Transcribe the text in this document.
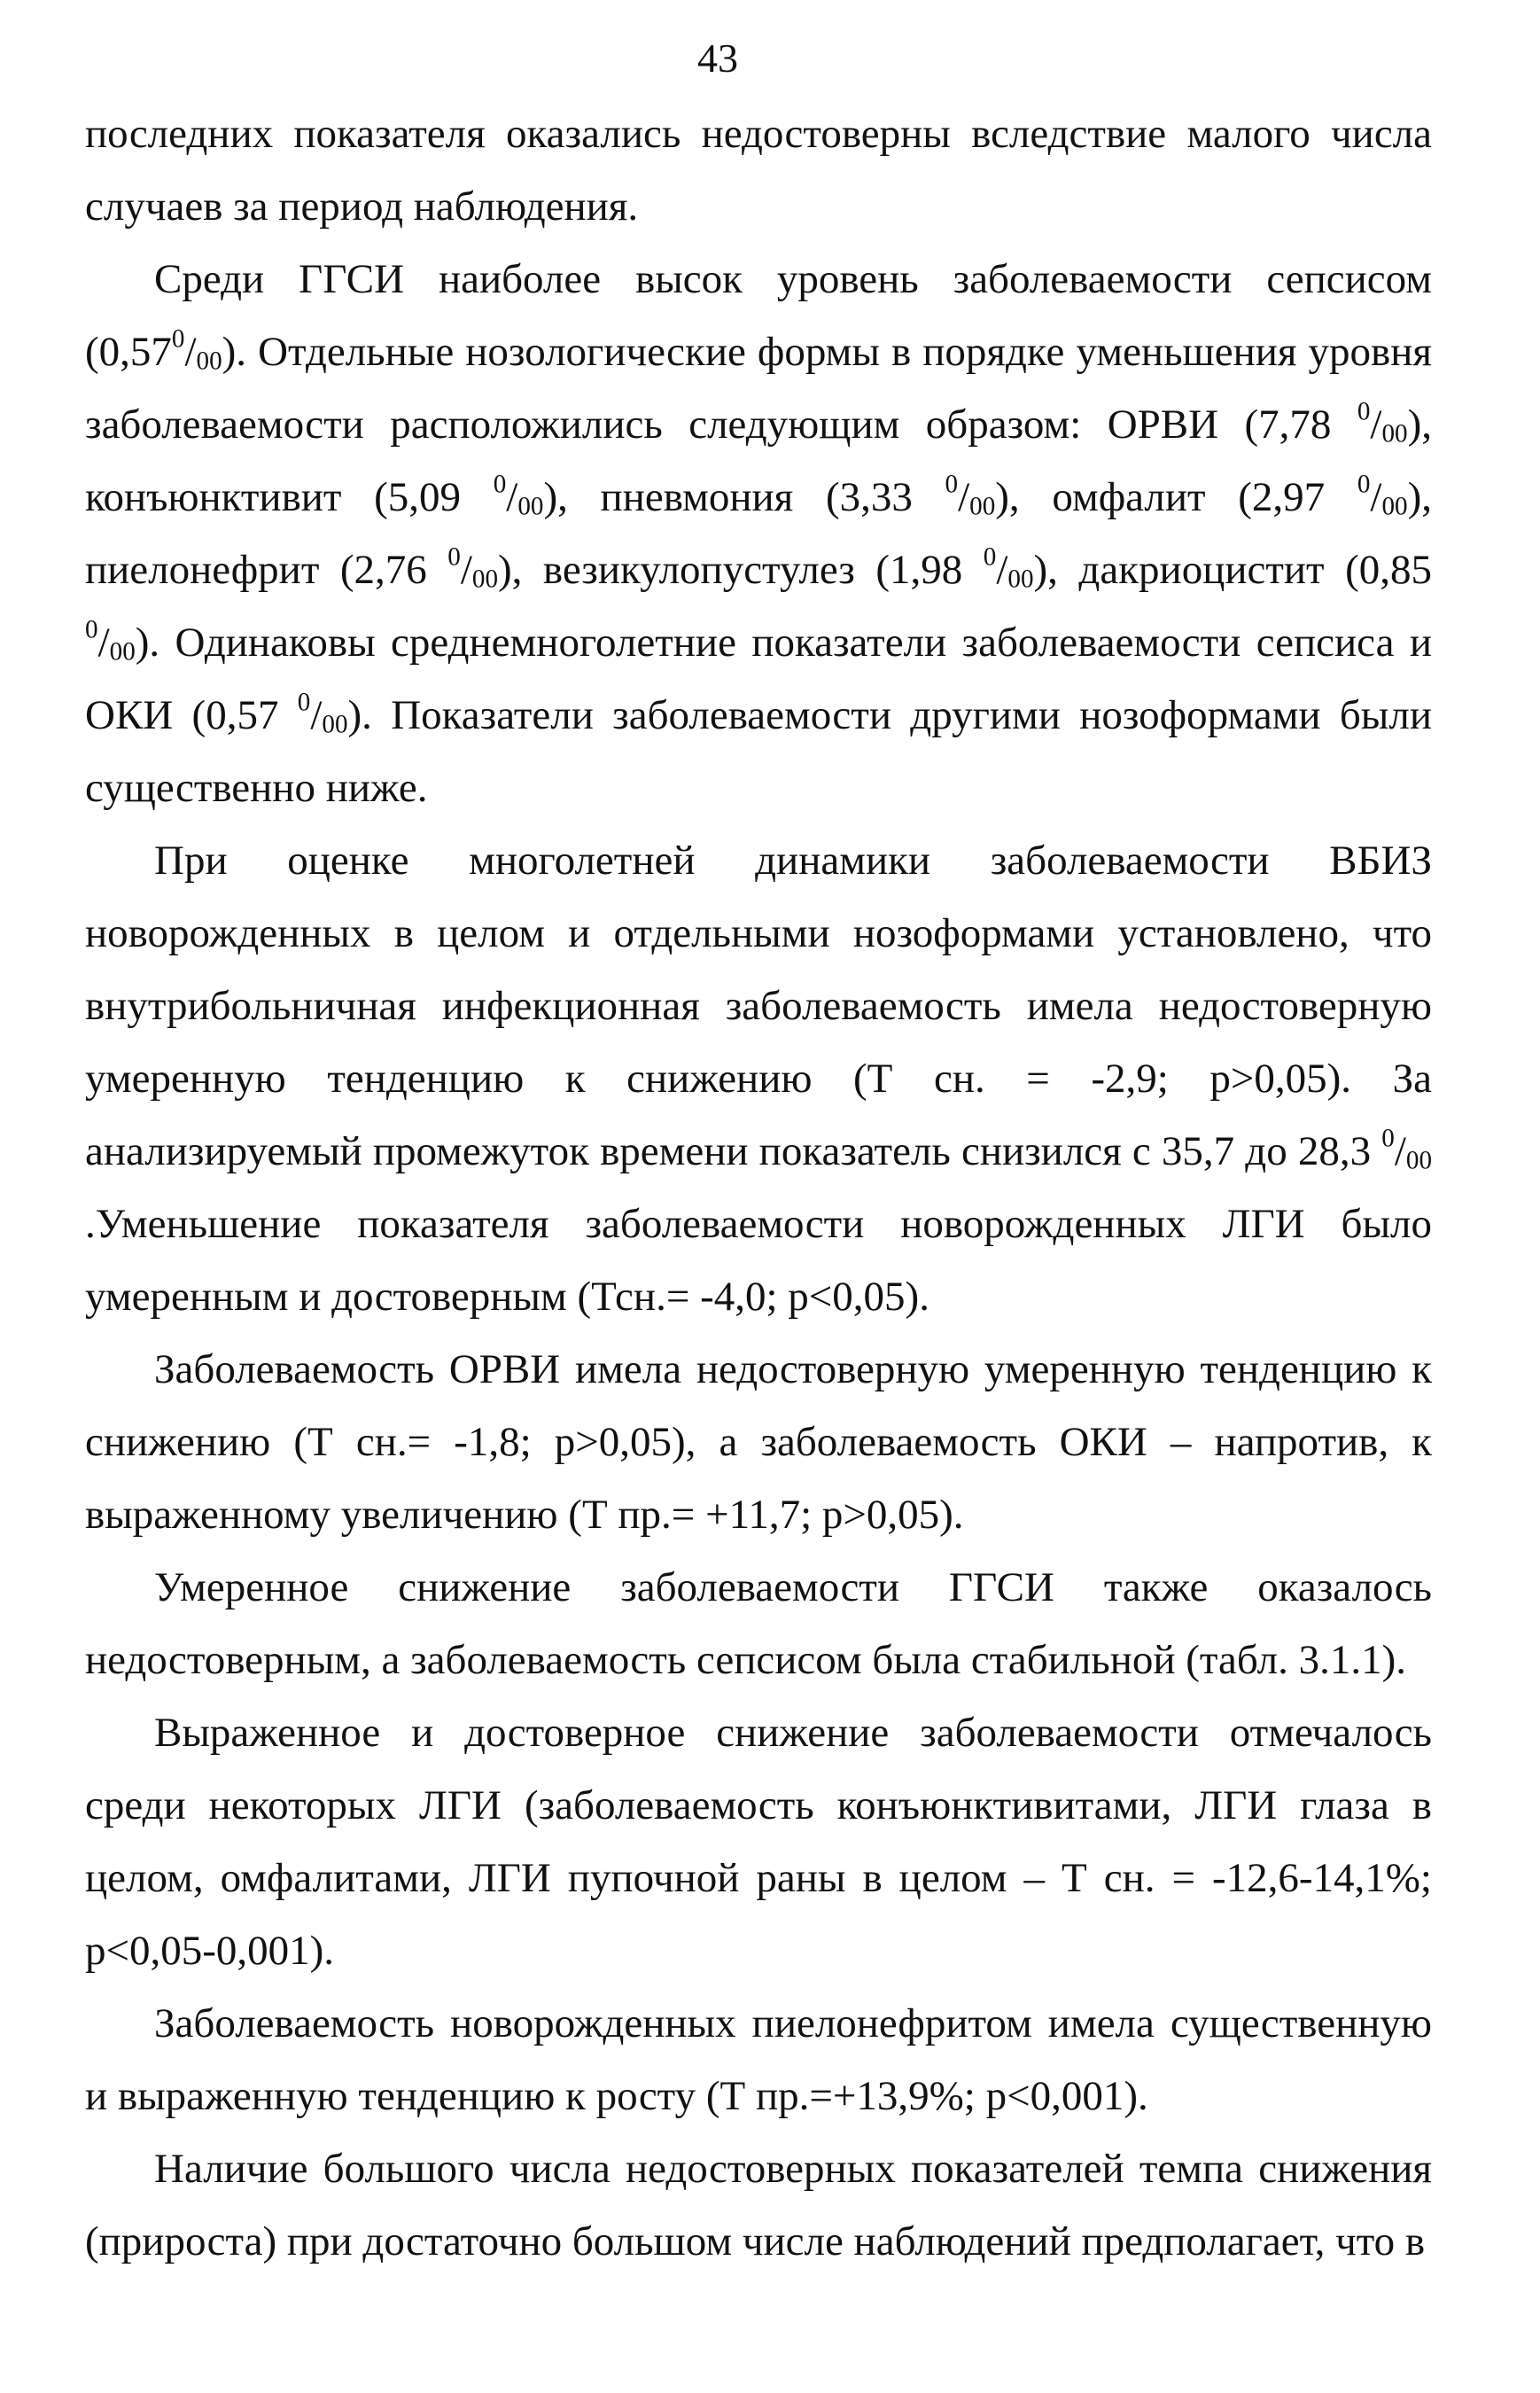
43

последних показателя оказались недостоверны вследствие малого числа случаев за период наблюдения.

Среди ГГСИ наиболее высок уровень заболеваемости сепсисом $(0,57^0/_{00})$. Отдельные нозологические формы в порядке уменьшения уровня заболеваемости расположились следующим образом: ОРВИ (7,78 $^0/_{00}$), конъюнктивит (5,09 $^0/_{00}$), пневмония (3,33 $^0/_{00}$), омфалит (2,97 $^0/_{00}$), пиелонефрит (2,76 $^0/_{00}$), везикулопустулез (1,98 $^0/_{00}$), дакриоцистит (0,85 $^0/_{00}$). Одинаковы среднемноголетние показатели заболеваемости сепсиса и ОКИ (0,57 $^0/_{00}$). Показатели заболеваемости другими нозоформами были существенно ниже.

При оценке многолетней динамики заболеваемости ВБИЗ новорожденных в целом и отдельными нозоформами установлено, что внутрибольничная инфекционная заболеваемость имела недостоверную умеренную тенденцию к снижению (Т сн. = -2,9; р>0,05). За анализируемый промежуток времени показатель снизился с 35,7 до 28,3 $^0/_{00}$ .Уменьшение показателя заболеваемости новорожденных ЛГИ было умеренным и достоверным (Тсн.= -4,0; р<0,05).

Заболеваемость ОРВИ имела недостоверную умеренную тенденцию к снижению (Т сн.= -1,8; р>0,05), а заболеваемость ОКИ – напротив, к выраженному увеличению (Т пр.= +11,7; р>0,05).

Умеренное снижение заболеваемости ГГСИ также оказалось недостоверным, а заболеваемость сепсисом была стабильной (табл. 3.1.1).

Выраженное и достоверное снижение заболеваемости отмечалось среди некоторых ЛГИ (заболеваемость конъюнктивитами, ЛГИ глаза в целом, омфалитами, ЛГИ пупочной раны в целом – Т сн. = -12,6-14,1%; р<0,05-0,001).

Заболеваемость новорожденных пиелонефритом имела существенную и выраженную тенденцию к росту (Т пр.=+13,9%; р<0,001).

Наличие большого числа недостоверных показателей темпа снижения (прироста) при достаточно большом числе наблюдений предполагает, что в
